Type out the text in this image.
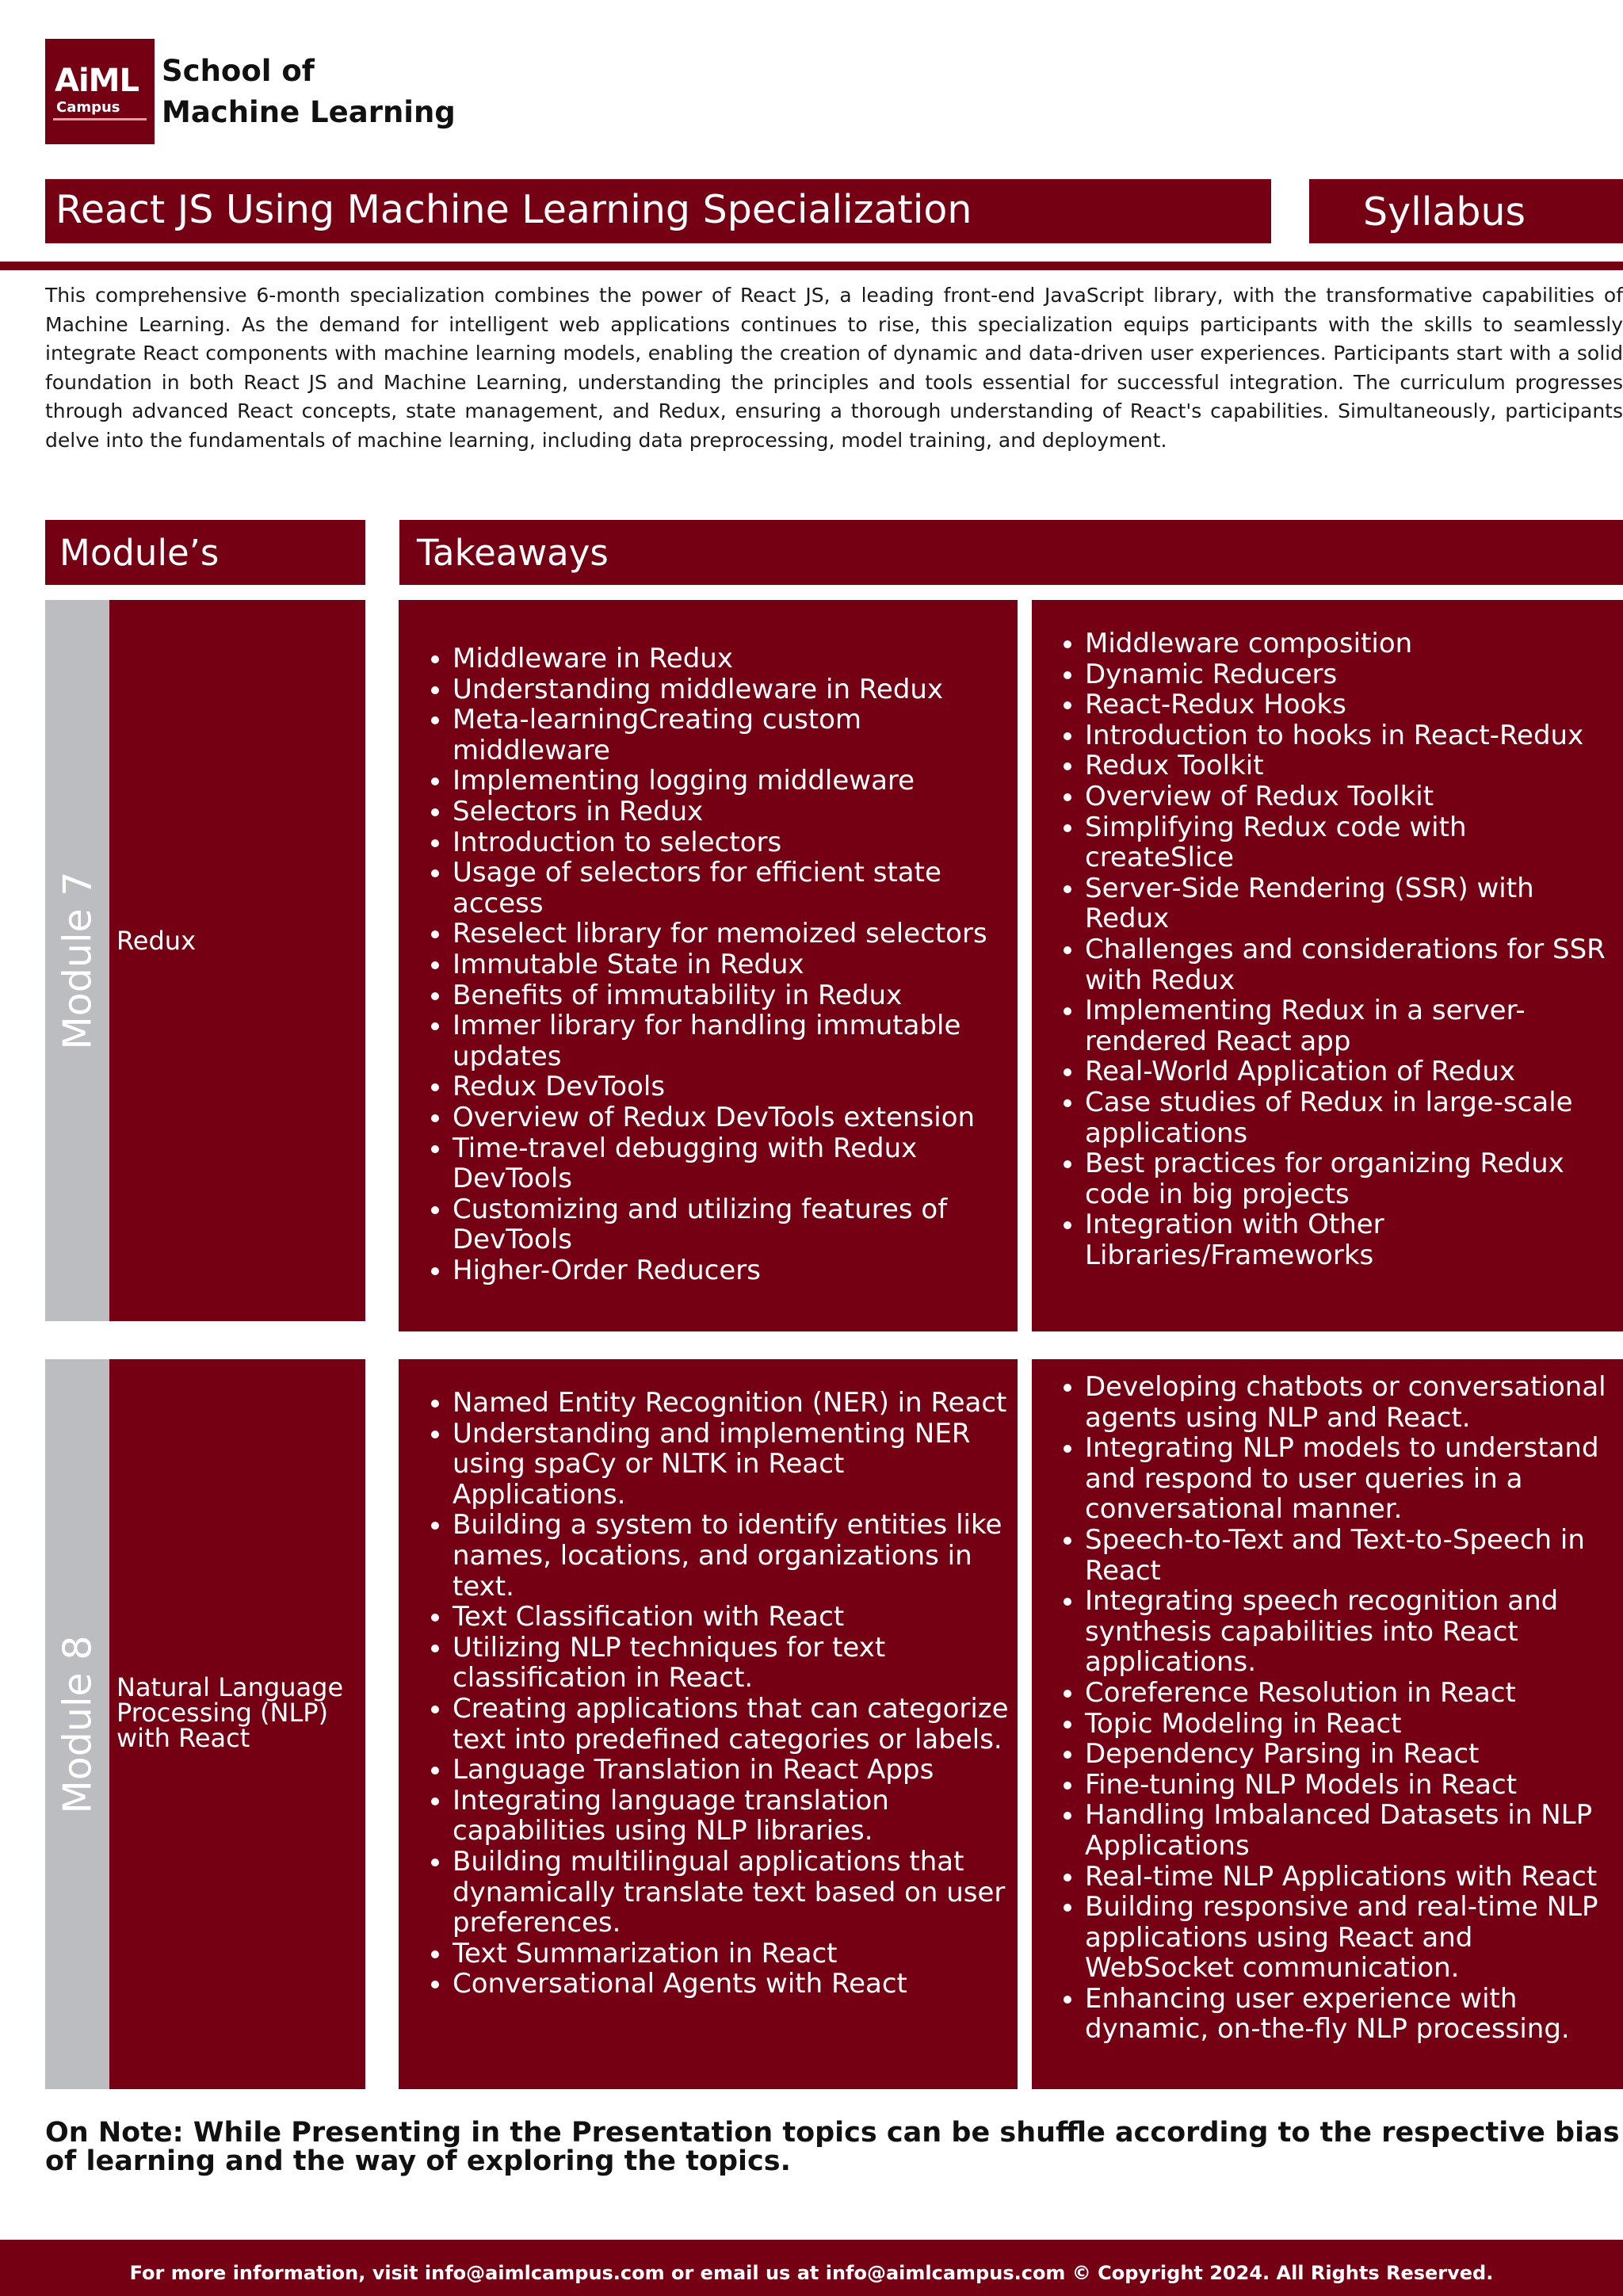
AiML
Campus
School of
Machine Learning
React JS Using Machine Learning Specialization	Syllabus
This comprehensive 6-month specialization combines the power of React JS, a leading front-end JavaScript library, with the transformative capabilities of Machine Learning. As the demand for intelligent web applications continues to rise, this specialization equips participants with the skills to seamlessly integrate React components with machine learning models, enabling the creation of dynamic and data-driven user experiences. Participants start with a solid foundation in both React JS and Machine Learning, understanding the principles and tools essential for successful integration. The curriculum progresses through advanced React concepts, state management, and Redux, ensuring a thorough understanding of React's capabilities. Simultaneously, participants delve into the fundamentals of machine learning, including data preprocessing, model training, and deployment.
Module’s	Takeaways
Module 7 Redux
• Middleware in Redux
• Understanding middleware in Redux
• Meta-learningCreating custom middleware
• Implementing logging middleware
• Selectors in Redux
• Introduction to selectors
• Usage of selectors for efficient state access
• Reselect library for memoized selectors
• Immutable State in Redux
• Benefits of immutability in Redux
• Immer library for handling immutable updates
• Redux DevTools
• Overview of Redux DevTools extension
• Time-travel debugging with Redux DevTools
• Customizing and utilizing features of DevTools
• Higher-Order Reducers
• Middleware composition
• Dynamic Reducers
• React-Redux Hooks
• Introduction to hooks in React-Redux
• Redux Toolkit
• Overview of Redux Toolkit
• Simplifying Redux code with createSlice
• Server-Side Rendering (SSR) with Redux
• Challenges and considerations for SSR with Redux
• Implementing Redux in a server-rendered React app
• Real-World Application of Redux
• Case studies of Redux in large-scale applications
• Best practices for organizing Redux code in big projects
• Integration with Other Libraries/Frameworks
Module 8 Natural Language Processing (NLP) with React
• Named Entity Recognition (NER) in React
• Understanding and implementing NER using spaCy or NLTK in React Applications.
• Building a system to identify entities like names, locations, and organizations in text.
• Text Classification with React
• Utilizing NLP techniques for text classification in React.
• Creating applications that can categorize text into predefined categories or labels.
• Language Translation in React Apps
• Integrating language translation capabilities using NLP libraries.
• Building multilingual applications that dynamically translate text based on user preferences.
• Text Summarization in React
• Conversational Agents with React
• Developing chatbots or conversational agents using NLP and React.
• Integrating NLP models to understand and respond to user queries in a conversational manner.
• Speech-to-Text and Text-to-Speech in React
• Integrating speech recognition and synthesis capabilities into React applications.
• Coreference Resolution in React
• Topic Modeling in React
• Dependency Parsing in React
• Fine-tuning NLP Models in React
• Handling Imbalanced Datasets in NLP Applications
• Real-time NLP Applications with React
• Building responsive and real-time NLP applications using React and WebSocket communication.
• Enhancing user experience with dynamic, on-the-fly NLP processing.
On Note: While Presenting in the Presentation topics can be shuffle according to the respective bias of learning and the way of exploring the topics.
For more information, visit info@aimlcampus.com or email us at info@aimlcampus.com © Copyright 2024. All Rights Reserved.
